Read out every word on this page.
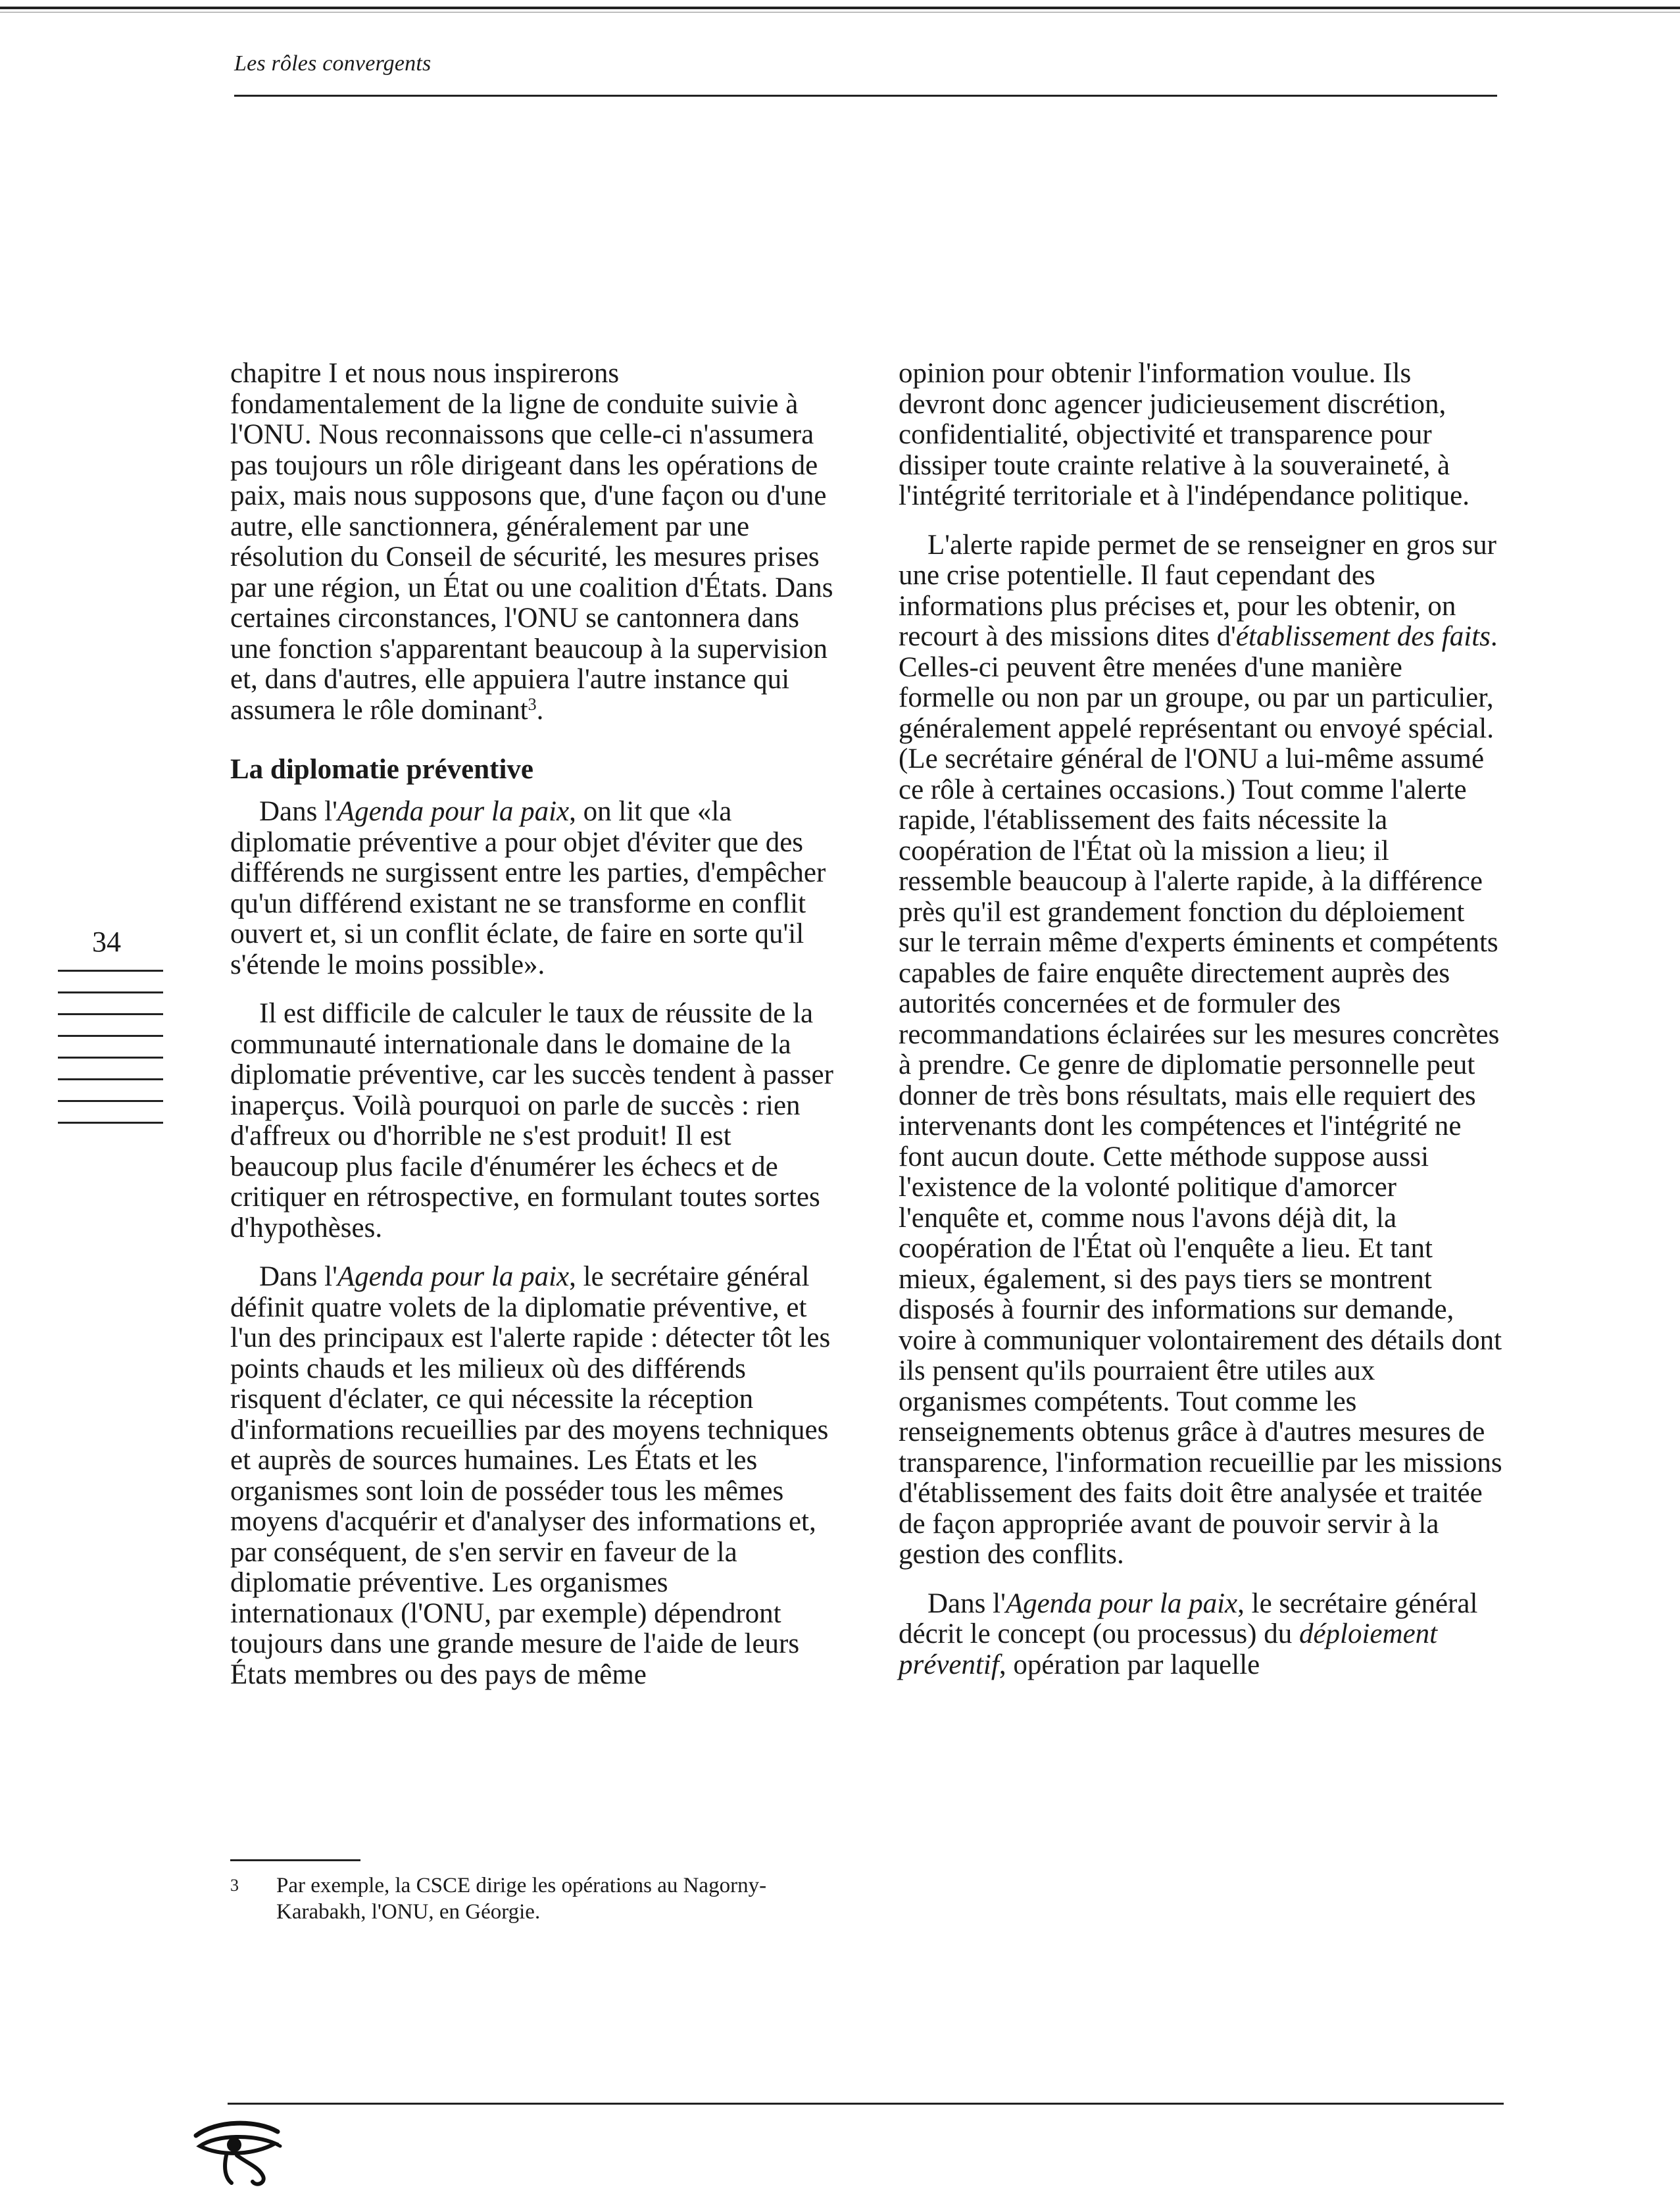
Les rôles convergents
34

chapitre I et nous nous inspirerons fondamentalement de la ligne de conduite suivie à l'ONU. Nous reconnaissons que celle-ci n'assumera pas toujours un rôle dirigeant dans les opérations de paix, mais nous supposons que, d'une façon ou d'une autre, elle sanctionnera, généralement par une résolution du Conseil de sécurité, les mesures prises par une région, un État ou une coalition d'États. Dans certaines circonstances, l'ONU se cantonnera dans une fonction s'apparentant beaucoup à la supervision et, dans d'autres, elle appuiera l'autre instance qui assumera le rôle dominant$^3$.

La diplomatie préventive

Dans l'Agenda pour la paix, on lit que «la diplomatie préventive a pour objet d'éviter que des différends ne surgissent entre les parties, d'empêcher qu'un différend existant ne se transforme en conflit ouvert et, si un conflit éclate, de faire en sorte qu'il s'étende le moins possible».

Il est difficile de calculer le taux de réussite de la communauté internationale dans le domaine de la diplomatie préventive, car les succès tendent à passer inaperçus. Voilà pourquoi on parle de succès : rien d'affreux ou d'horrible ne s'est produit! Il est beaucoup plus facile d'énumérer les échecs et de critiquer en rétrospective, en formulant toutes sortes d'hypothèses.

Dans l'Agenda pour la paix, le secrétaire général définit quatre volets de la diplomatie préventive, et l'un des principaux est l'alerte rapide : détecter tôt les points chauds et les milieux où des différends risquent d'éclater, ce qui nécessite la réception d'informations recueillies par des moyens techniques et auprès de sources humaines. Les États et les organismes sont loin de posséder tous les mêmes moyens d'acquérir et d'analyser des informations et, par conséquent, de s'en servir en faveur de la diplomatie préventive. Les organismes internationaux (l'ONU, par exemple) dépendront toujours dans une grande mesure de l'aide de leurs États membres ou des pays de même

opinion pour obtenir l'information voulue. Ils devront donc agencer judicieusement discrétion, confidentialité, objectivité et transparence pour dissiper toute crainte relative à la souveraineté, à l'intégrité territoriale et à l'indépendance politique.

L'alerte rapide permet de se renseigner en gros sur une crise potentielle. Il faut cependant des informations plus précises et, pour les obtenir, on recourt à des missions dites d'établissement des faits. Celles-ci peuvent être menées d'une manière formelle ou non par un groupe, ou par un particulier, généralement appelé représentant ou envoyé spécial. (Le secrétaire général de l'ONU a lui-même assumé ce rôle à certaines occasions.) Tout comme l'alerte rapide, l'établissement des faits nécessite la coopération de l'État où la mission a lieu; il ressemble beaucoup à l'alerte rapide, à la différence près qu'il est grandement fonction du déploiement sur le terrain même d'experts éminents et compétents capables de faire enquête directement auprès des autorités concernées et de formuler des recommandations éclairées sur les mesures concrètes à prendre. Ce genre de diplomatie personnelle peut donner de très bons résultats, mais elle requiert des intervenants dont les compétences et l'intégrité ne font aucun doute. Cette méthode suppose aussi l'existence de la volonté politique d'amorcer l'enquête et, comme nous l'avons déjà dit, la coopération de l'État où l'enquête a lieu. Et tant mieux, également, si des pays tiers se montrent disposés à fournir des informations sur demande, voire à communiquer volontairement des détails dont ils pensent qu'ils pourraient être utiles aux organismes compétents. Tout comme les renseignements obtenus grâce à d'autres mesures de transparence, l'information recueillie par les missions d'établissement des faits doit être analysée et traitée de façon appropriée avant de pouvoir servir à la gestion des conflits.

Dans l'Agenda pour la paix, le secrétaire général décrit le concept (ou processus) du déploiement préventif, opération par laquelle

3 Par exemple, la CSCE dirige les opérations au Nagorny-Karabakh, l'ONU, en Géorgie.
